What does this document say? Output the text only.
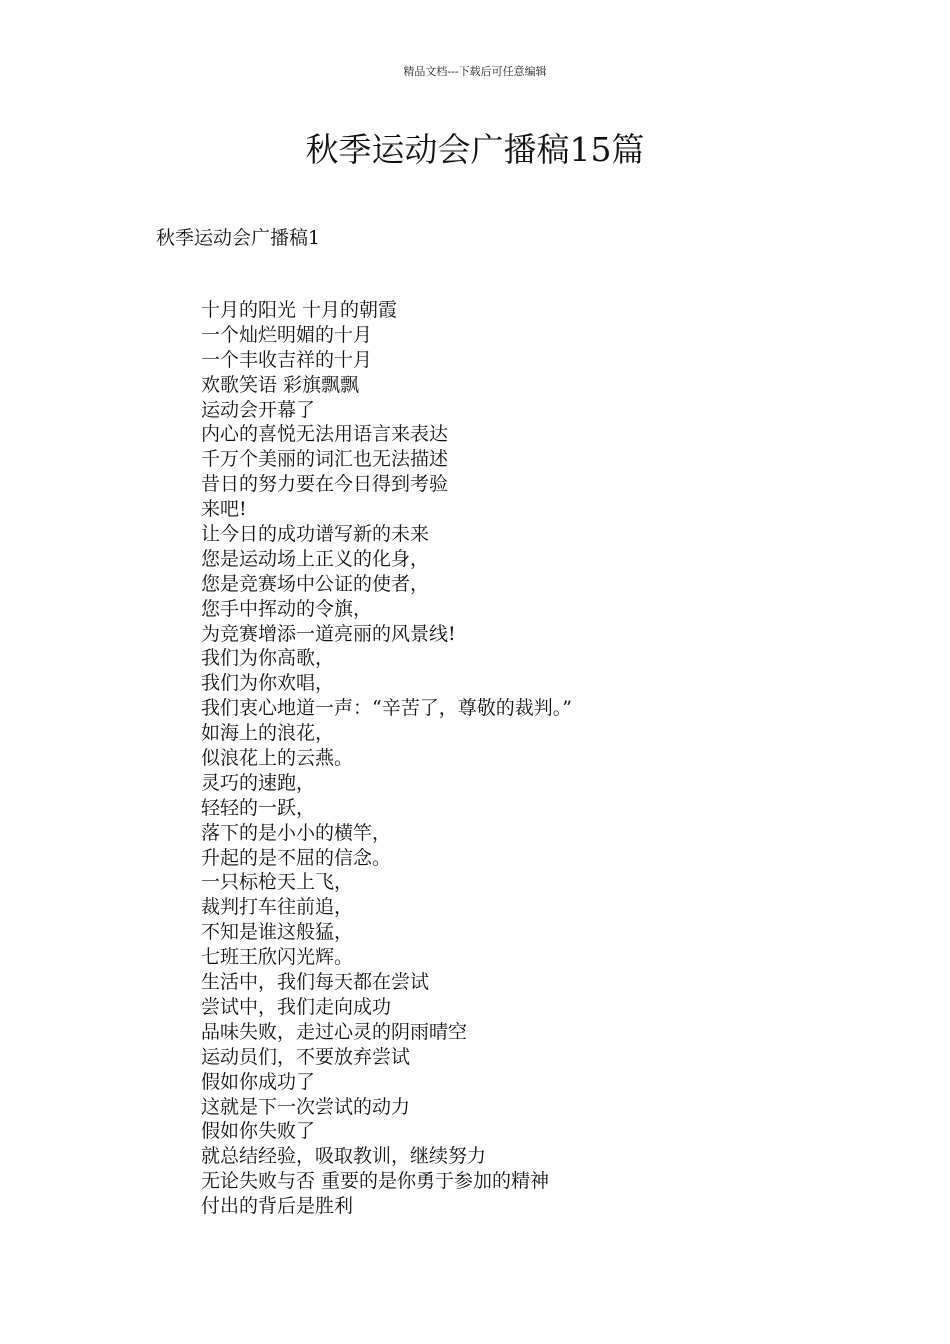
精品文档---下载后可任意编辑
秋季运动会广播稿15篇
秋季运动会广播稿1
十月的阳光 十月的朝霞
一个灿烂明媚的十月
一个丰收吉祥的十月
欢歌笑语 彩旗飘飘
运动会开幕了
内心的喜悦无法用语言来表达
千万个美丽的词汇也无法描述
昔日的努力要在今日得到考验
来吧!
让今日的成功谱写新的未来
您是运动场上正义的化身，
您是竞赛场中公证的使者，
您手中挥动的令旗，
为竞赛增添一道亮丽的风景线!
我们为你高歌，
我们为你欢唱，
我们衷心地道一声：“辛苦了，尊敬的裁判。”
如海上的浪花，
似浪花上的云燕。
灵巧的速跑，
轻轻的一跃，
落下的是小小的横竿，
升起的是不屈的信念。
一只标枪天上飞，
裁判打车往前追，
不知是谁这般猛，
七班王欣闪光辉。
生活中，我们每天都在尝试
尝试中，我们走向成功
品味失败，走过心灵的阴雨晴空
运动员们，不要放弃尝试
假如你成功了
这就是下一次尝试的动力
假如你失败了
就总结经验，吸取教训，继续努力
无论失败与否 重要的是你勇于参加的精神
付出的背后是胜利
